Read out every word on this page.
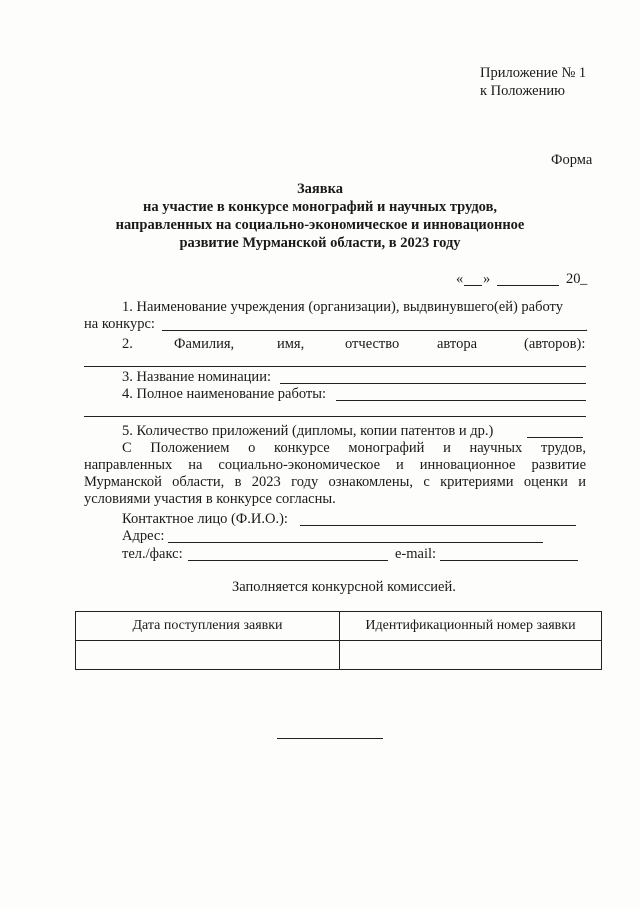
Приложение № 1
к Положению
Форма
Заявка
на участие в конкурсе монографий и научных трудов,
направленных на социально-экономическое и инновационное
развитие Мурманской области, в 2023 году
« »	20 _
1. Наименование учреждения (организации), выдвинувшего(ей) работу
на конкурс:	.
2.	Фамилия,	имя,	отчество	автора	(авторов):
3. Название номинации:
4. Полное наименование работы:
5. Количество приложений (дипломы, копии патентов и др.)
С Положением о конкурсе монографий и научных трудов,
направленных на социально-экономическое и инновационное развитие
Мурманской области, в 2023 году ознакомлены, с критериями оценки и
условиями участия в конкурсе согласны.
Контактное лицо (Ф.И.О.):
Адрес:
тел./факс:	e-mail:
Заполняется конкурсной комиссией.
Дата поступления заявки	Идентификационный номер заявки
